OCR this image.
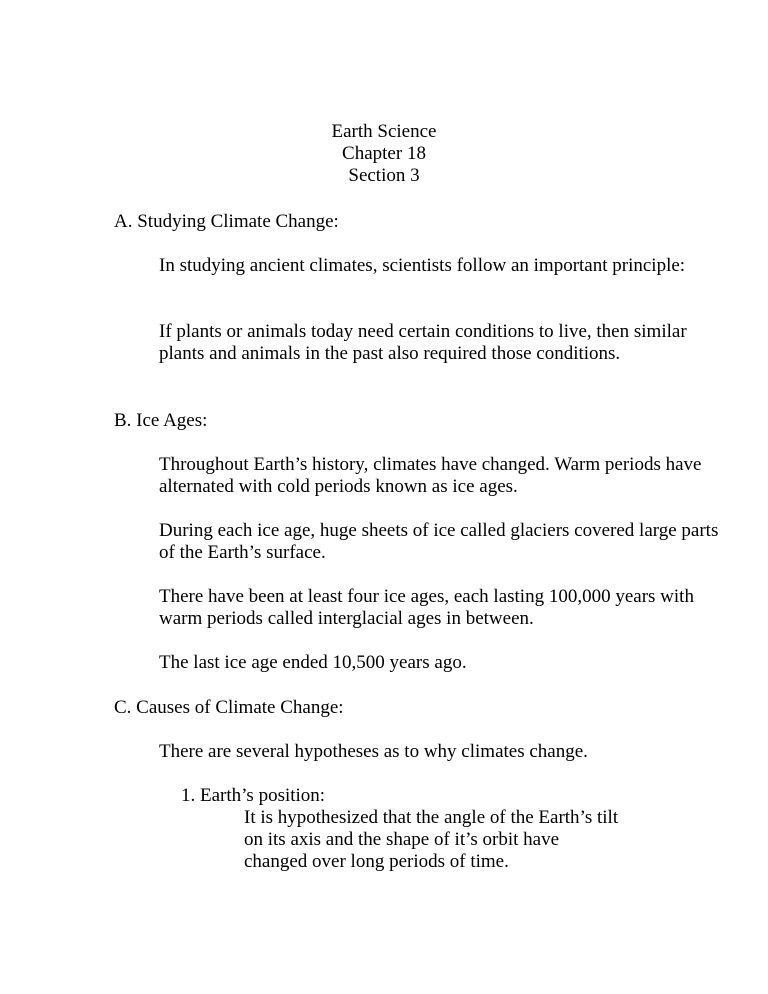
Earth Science
Chapter 18
Section 3

A. Studying Climate Change:

In studying ancient climates, scientists follow an important principle:

If plants or animals today need certain conditions to live, then similar plants and animals in the past also required those conditions.

B. Ice Ages:

Throughout Earth’s history, climates have changed. Warm periods have alternated with cold periods known as ice ages.

During each ice age, huge sheets of ice called glaciers covered large parts of the Earth’s surface.

There have been at least four ice ages, each lasting 100,000 years with warm periods called interglacial ages in between.

The last ice age ended 10,500 years ago.

C. Causes of Climate Change:

There are several hypotheses as to why climates change.

1. Earth’s position:

It is hypothesized that the angle of the Earth’s tilt on its axis and the shape of it’s orbit have changed over long periods of time.
